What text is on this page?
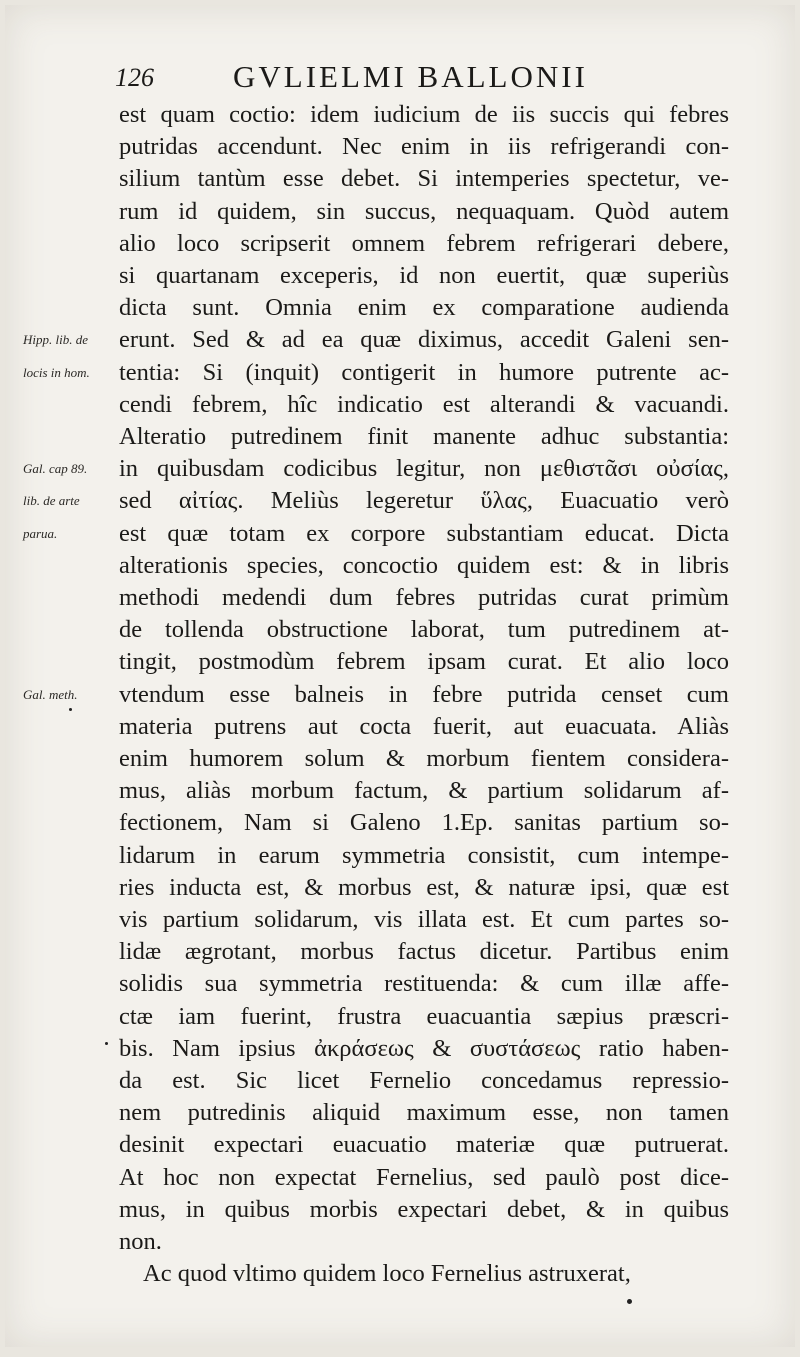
126	GVLIELMI BALLONII
est quam coctio: idem iudicium de iis succis qui febres
putridas accendunt. Nec enim in iis refrigerandi con-
silium tantùm esse debet. Si intemperies spectetur, ve-
rum id quidem, sin succus, nequaquam. Quòd autem
alio loco scripserit omnem febrem refrigerari debere,
si quartanam exceperis, id non euertit, quæ superiùs
dicta sunt. Omnia enim ex comparatione audienda
erunt. Sed & ad ea quæ diximus, accedit Galeni sen-
tentia: Si (inquit) contigerit in humore putrente ac-
cendi febrem, hîc indicatio est alterandi & vacuandi.
Alteratio putredinem finit manente adhuc substantia:
in quibusdam codicibus legitur, non μεθιστᾶσι οὐσίας,
sed αἰτίας. Meliùs legeretur ὕλας, Euacuatio verò
est quæ totam ex corpore substantiam educat. Dicta
alterationis species, concoctio quidem est: & in libris
methodi medendi dum febres putridas curat primùm
de tollenda obstructione laborat, tum putredinem at-
tingit, postmodùm febrem ipsam curat. Et alio loco
vtendum esse balneis in febre putrida censet cum
materia putrens aut cocta fuerit, aut euacuata. Aliàs
enim humorem solum & morbum fientem considera-
mus, aliàs morbum factum, & partium solidarum af-
fectionem, Nam si Galeno 1.Ep. sanitas partium so-
lidarum in earum symmetria consistit, cum intempe-
ries inducta est, & morbus est, & naturæ ipsi, quæ est
vis partium solidarum, vis illata est. Et cum partes so-
lidæ ægrotant, morbus factus dicetur. Partibus enim
solidis sua symmetria restituenda: & cum illæ affe-
ctæ iam fuerint, frustra euacuantia sæpius præscri-
bis. Nam ipsius ἀκράσεως & συστάσεως ratio haben-
da est. Sic licet Fernelio concedamus repressio-
nem putredinis aliquid maximum esse, non tamen
desinit expectari euacuatio materiæ quæ putruerat.
At hoc non expectat Fernelius, sed paulò post dice-
mus, in quibus morbis expectari debet, & in quibus
non.
Ac quod vltimo quidem loco Fernelius astruxerat,
Hipp. lib. de
locis in hom.
Gal. cap 89.
lib. de arte
parua.
Gal. meth.
